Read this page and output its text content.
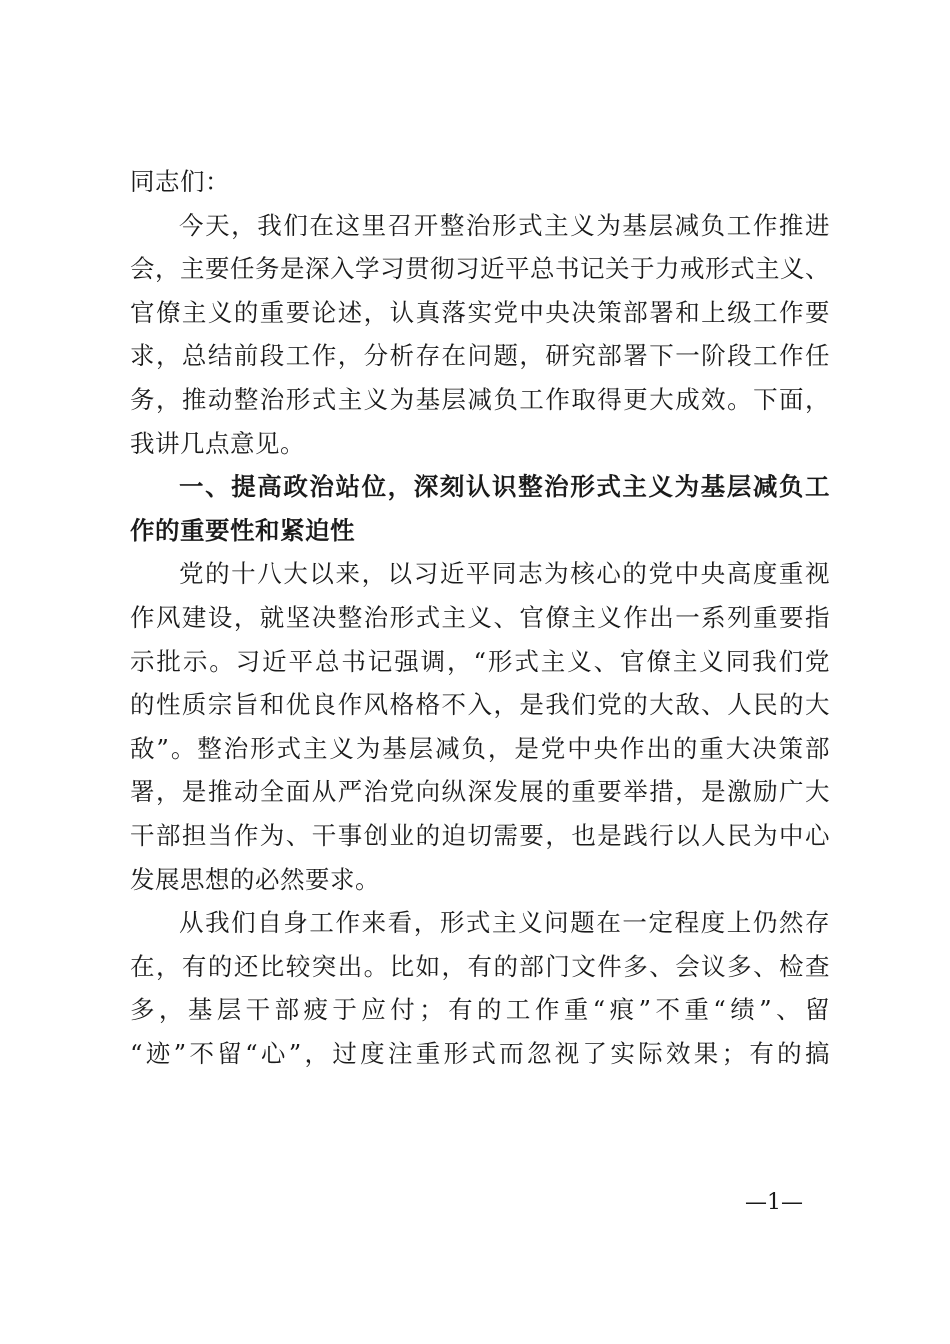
同志们：
今天，我们在这里召开整治形式主义为基层减负工作推进
会，主要任务是深入学习贯彻习近平总书记关于力戒形式主义、
官僚主义的重要论述，认真落实党中央决策部署和上级工作要
求，总结前段工作，分析存在问题，研究部署下一阶段工作任
务，推动整治形式主义为基层减负工作取得更大成效。下面，
我讲几点意见。
一、提高政治站位，深刻认识整治形式主义为基层减负工
作的重要性和紧迫性
党的十八大以来，以习近平同志为核心的党中央高度重视
作风建设，就坚决整治形式主义、官僚主义作出一系列重要指
示批示。习近平总书记强调，“形式主义、官僚主义同我们党
的性质宗旨和优良作风格格不入，是我们党的大敌、人民的大
敌”。整治形式主义为基层减负，是党中央作出的重大决策部
署，是推动全面从严治党向纵深发展的重要举措，是激励广大
干部担当作为、干事创业的迫切需要，也是践行以人民为中心
发展思想的必然要求。
从我们自身工作来看，形式主义问题在一定程度上仍然存
在，有的还比较突出。比如，有的部门文件多、会议多、检查
多，基层干部疲于应付；有的工作重“痕”不重“绩”、留
“迹”不留“心”，过度注重形式而忽视了实际效果；有的搞
—1—
